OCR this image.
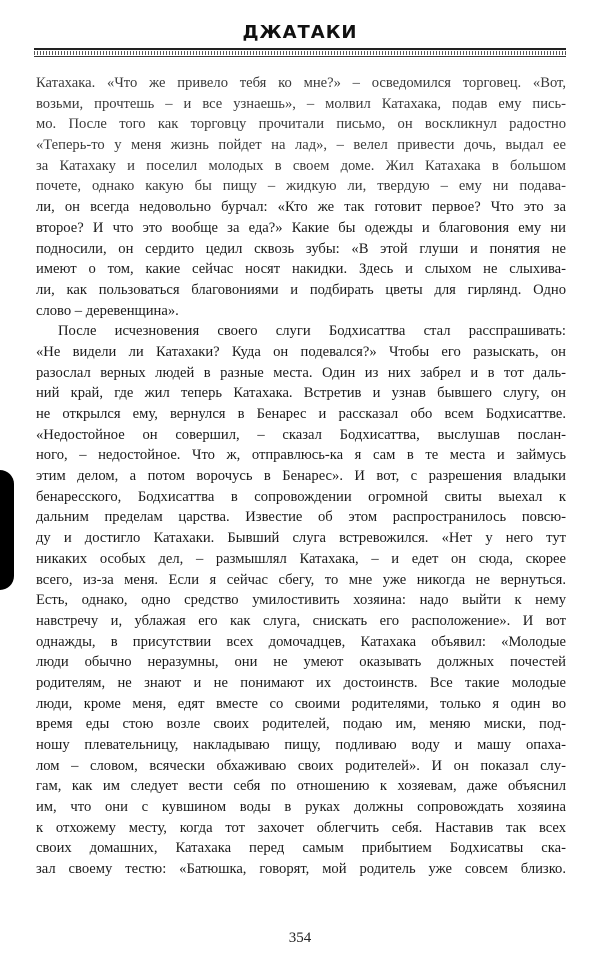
ДЖАТАКИ

Катахака. «Что же привело тебя ко мне?» – осведомился торговец. «Вот,
возьми, прочтешь – и все узнаешь», – молвил Катахака, подав ему пись-
мо. После того как торговцу прочитали письмо, он воскликнул радостно
«Теперь-то у меня жизнь пойдет на лад», – велел привести дочь, выдал ее
за Катахаку и поселил молодых в своем доме. Жил Катахака в большом
почете, однако какую бы пищу – жидкую ли, твердую – ему ни подава-
ли, он всегда недовольно бурчал: «Кто же так готовит первое? Что это за
второе? И что это вообще за еда?» Какие бы одежды и благовония ему ни
подносили, он сердито цедил сквозь зубы: «В этой глуши и понятия не
имеют о том, какие сейчас носят накидки. Здесь и слыхом не слыхива-
ли, как пользоваться благовониями и подбирать цветы для гирлянд. Одно
слово – деревенщина».

После исчезновения своего слуги Бодхисаттва стал расспрашивать:
«Не видели ли Катахаки? Куда он подевался?» Чтобы его разыскать, он
разослал верных людей в разные места. Один из них забрел и в тот даль-
ний край, где жил теперь Катахака. Встретив и узнав бывшего слугу, он
не открылся ему, вернулся в Бенарес и рассказал обо всем Бодхисаттве.
«Недостойное он совершил, – сказал Бодхисаттва, выслушав послан-
ного, – недостойное. Что ж, отправлюсь-ка я сам в те места и займусь
этим делом, а потом ворочусь в Бенарес». И вот, с разрешения владыки
бенаресского, Бодхисаттва в сопровождении огромной свиты выехал к
дальним пределам царства. Известие об этом распространилось повсю-
ду и достигло Катахаки. Бывший слуга встревожился. «Нет у него тут
никаких особых дел, – размышлял Катахака, – и едет он сюда, скорее
всего, из-за меня. Если я сейчас сбегу, то мне уже никогда не вернуться.
Есть, однако, одно средство умилостивить хозяина: надо выйти к нему
навстречу и, ублажая его как слуга, снискать его расположение». И вот
однажды, в присутствии всех домочадцев, Катахака объявил: «Молодые
люди обычно неразумны, они не умеют оказывать должных почестей
родителям, не знают и не понимают их достоинств. Все такие молодые
люди, кроме меня, едят вместе со своими родителями, только я один во
время еды стою возле своих родителей, подаю им, меняю миски, под-
ношу плевательницу, накладываю пищу, подливаю воду и машу опаха-
лом – словом, всячески обхаживаю своих родителей». И он показал слу-
гам, как им следует вести себя по отношению к хозяевам, даже объяснил
им, что они с кувшином воды в руках должны сопровождать хозяина
к отхожему месту, когда тот захочет облегчить себя. Наставив так всех
своих домашних, Катахака перед самым прибытием Бодхисатвы ска-
зал своему тестю: «Батюшка, говорят, мой родитель уже совсем близко.

354
